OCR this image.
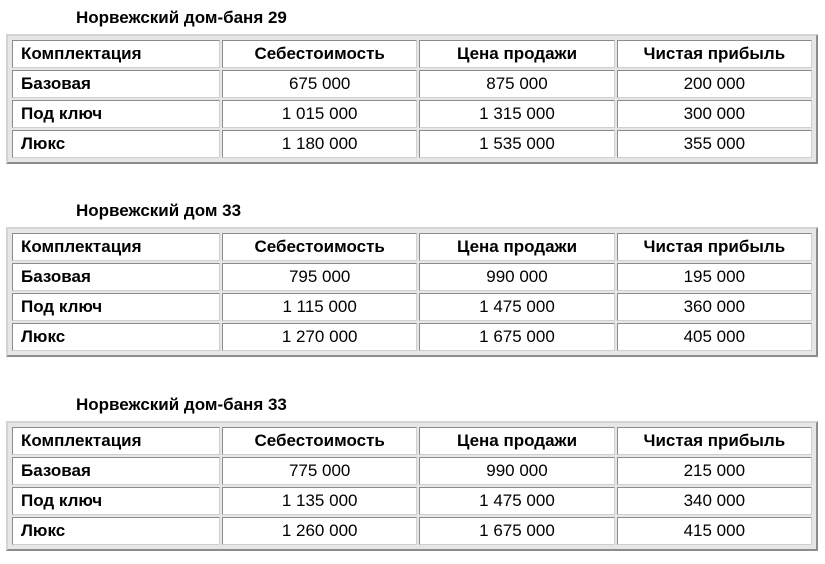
Норвежский дом-баня 29
Комплектация	Себестоимость	Цена продажи	Чистая прибыль
Базовая	675 000	875 000	200 000
Под ключ	1 015 000	1 315 000	300 000
Люкс	1 180 000	1 535 000	355 000
Норвежский дом 33
Комплектация	Себестоимость	Цена продажи	Чистая прибыль
Базовая	795 000	990 000	195 000
Под ключ	1 115 000	1 475 000	360 000
Люкс	1 270 000	1 675 000	405 000
Норвежский дом-баня 33
Комплектация	Себестоимость	Цена продажи	Чистая прибыль
Базовая	775 000	990 000	215 000
Под ключ	1 135 000	1 475 000	340 000
Люкс	1 260 000	1 675 000	415 000
